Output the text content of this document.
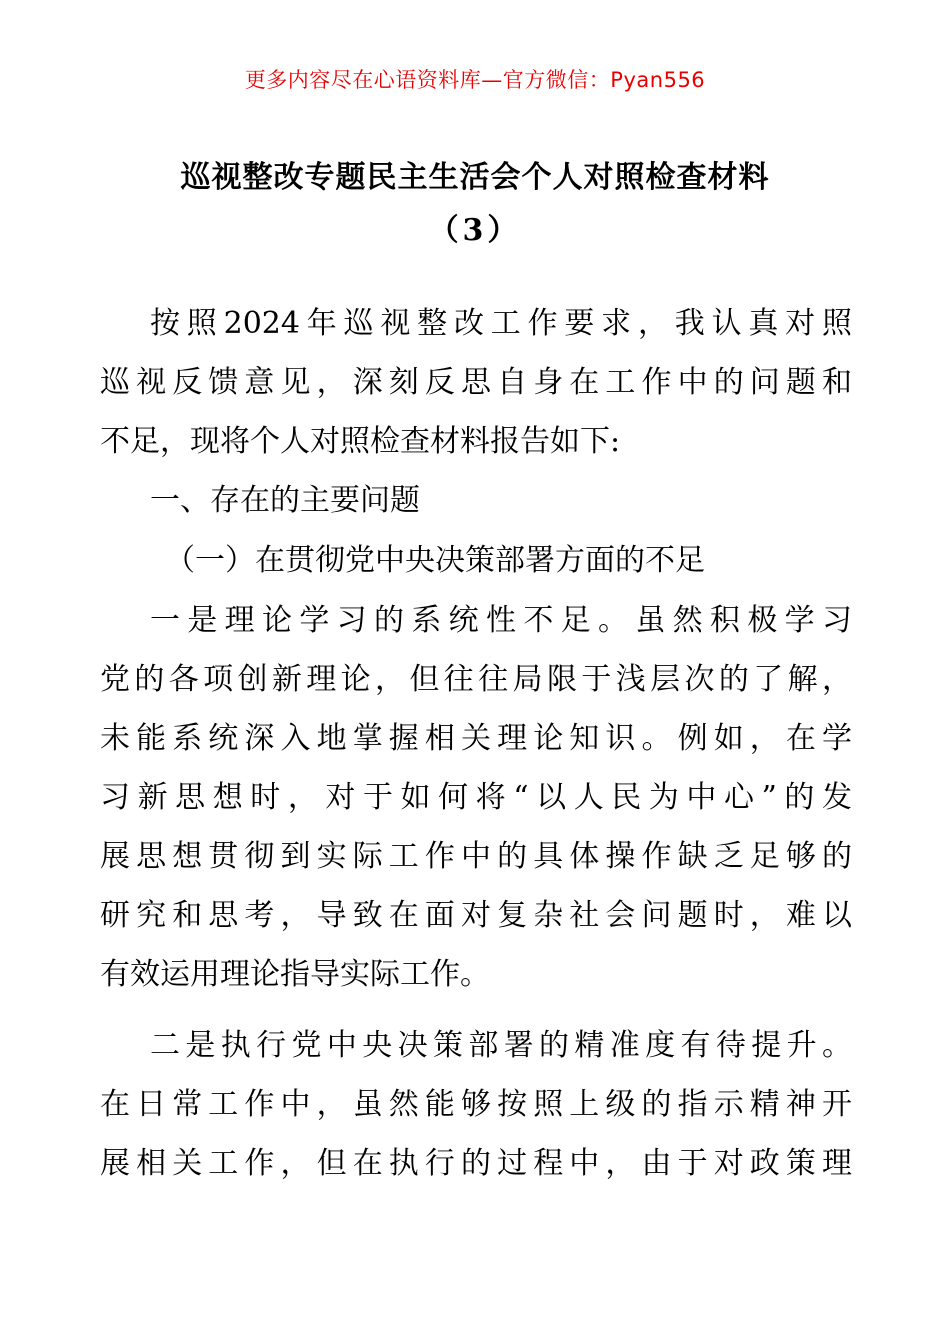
更多内容尽在心语资料库—官方微信：Pyan556
巡视整改专题民主生活会个人对照检查材料
（3）
按照2024年巡视整改工作要求，我认真对照
巡视反馈意见，深刻反思自身在工作中的问题和
不足，现将个人对照检查材料报告如下:
一、存在的主要问题
（一）在贯彻党中央决策部署方面的不足
一是理论学习的系统性不足。虽然积极学习
党的各项创新理论，但往往局限于浅层次的了解，
未能系统深入地掌握相关理论知识。例如，在学
习新思想时，对于如何将“以人民为中心”的发
展思想贯彻到实际工作中的具体操作缺乏足够的
研究和思考，导致在面对复杂社会问题时，难以
有效运用理论指导实际工作。
二是执行党中央决策部署的精准度有待提升。
在日常工作中，虽然能够按照上级的指示精神开
展相关工作，但在执行的过程中，由于对政策理
